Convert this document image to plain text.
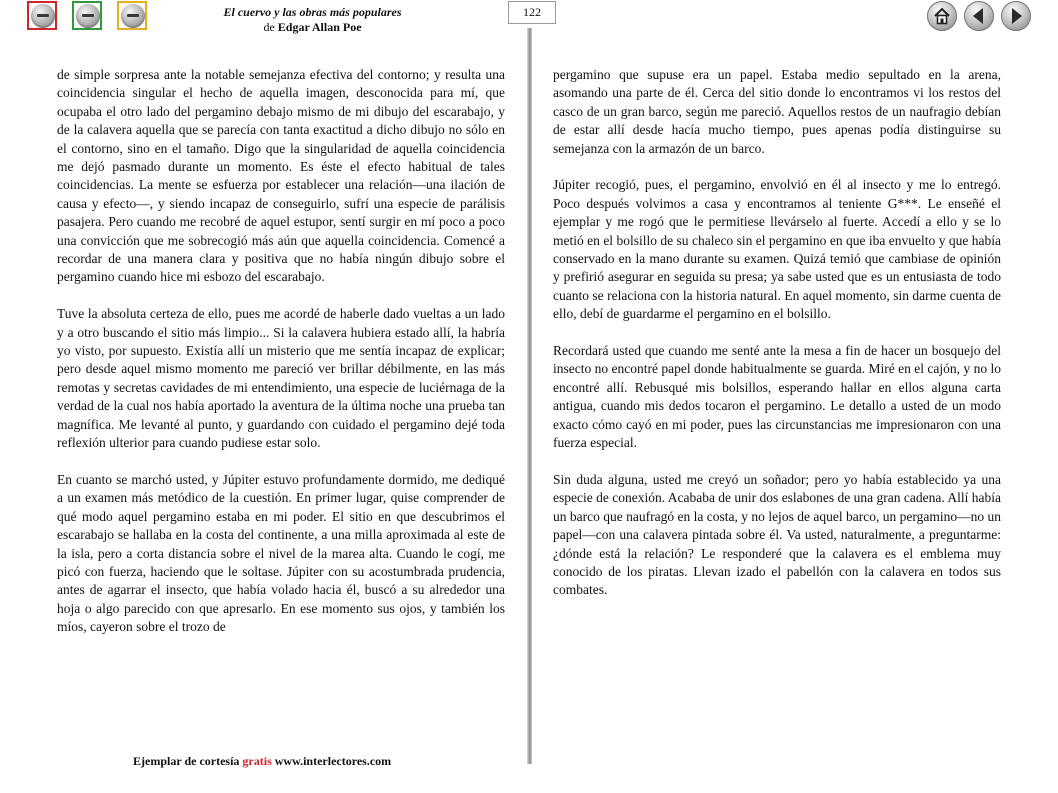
El cuervo y las obras más populares
de Edgar Allan Poe
122

de simple sorpresa ante la notable semejanza efectiva del contorno; y resulta una coincidencia singular el hecho de aquella imagen, desconocida para mí, que ocupaba el otro lado del pergamino debajo mismo de mi dibujo del escarabajo, y de la calavera aquella que se parecía con tanta exactitud a dicho dibujo no sólo en el contorno, sino en el tamaño. Digo que la singularidad de aquella coincidencia me dejó pasmado durante un momento. Es éste el efecto habitual de tales coincidencias. La mente se esfuerza por establecer una relación—una ilación de causa y efecto—, y siendo incapaz de conseguirlo, sufrí una especie de parálisis pasajera. Pero cuando me recobré de aquel estupor, sentí surgir en mí poco a poco una convicción que me sobrecogió más aún que aquella coincidencia. Comencé a recordar de una manera clara y positiva que no había ningún dibujo sobre el pergamino cuando hice mi esbozo del escarabajo.

Tuve la absoluta certeza de ello, pues me acordé de haberle dado vueltas a un lado y a otro buscando el sitio más limpio... Si la calavera hubiera estado allí, la habría yo visto, por supuesto. Existía allí un misterio que me sentía incapaz de explicar; pero desde aquel mismo momento me pareció ver brillar débilmente, en las más remotas y secretas cavidades de mi entendimiento, una especie de luciérnaga de la verdad de la cual nos había aportado la aventura de la última noche una prueba tan magnífica. Me levanté al punto, y guardando con cuidado el pergamino dejé toda reflexión ulterior para cuando pudiese estar solo.

En cuanto se marchó usted, y Júpiter estuvo profundamente dormido, me dediqué a un examen más metódico de la cuestión. En primer lugar, quise comprender de qué modo aquel pergamino estaba en mi poder. El sitio en que descubrimos el escarabajo se hallaba en la costa del continente, a una milla aproximada al este de la isla, pero a corta distancia sobre el nivel de la marea alta. Cuando le cogí, me picó con fuerza, haciendo que le soltase. Júpiter con su acostumbrada prudencia, antes de agarrar el insecto, que había volado hacia él, buscó a su alrededor una hoja o algo parecido con que apresarlo. En ese momento sus ojos, y también los míos, cayeron sobre el trozo de

pergamino que supuse era un papel. Estaba medio sepultado en la arena, asomando una parte de él. Cerca del sitio donde lo encontramos vi los restos del casco de un gran barco, según me pareció. Aquellos restos de un naufragio debían de estar allí desde hacía mucho tiempo, pues apenas podía distinguirse su semejanza con la armazón de un barco.

Júpiter recogió, pues, el pergamino, envolvió en él al insecto y me lo entregó. Poco después volvimos a casa y encontramos al teniente G***. Le enseñé el ejemplar y me rogó que le permitiese llevárselo al fuerte. Accedí a ello y se lo metió en el bolsillo de su chaleco sin el pergamino en que iba envuelto y que había conservado en la mano durante su examen. Quizá temió que cambiase de opinión y prefirió asegurar en seguida su presa; ya sabe usted que es un entusiasta de todo cuanto se relaciona con la historia natural. En aquel momento, sin darme cuenta de ello, debí de guardarme el pergamino en el bolsillo.

Recordará usted que cuando me senté ante la mesa a fin de hacer un bosquejo del insecto no encontré papel donde habitualmente se guarda. Miré en el cajón, y no lo encontré allí. Rebusqué mis bolsillos, esperando hallar en ellos alguna carta antigua, cuando mis dedos tocaron el pergamino. Le detallo a usted de un modo exacto cómo cayó en mi poder, pues las circunstancias me impresionaron con una fuerza especial.

Sin duda alguna, usted me creyó un soñador; pero yo había establecido ya una especie de conexión. Acababa de unir dos eslabones de una gran cadena. Allí había un barco que naufragó en la costa, y no lejos de aquel barco, un pergamino—no un papel—con una calavera pintada sobre él. Va usted, naturalmente, a preguntarme: ¿dónde está la relación? Le responderé que la calavera es el emblema muy conocido de los piratas. Llevan izado el pabellón con la calavera en todos sus combates.

Ejemplar de cortesía gratis www.interlectores.com
